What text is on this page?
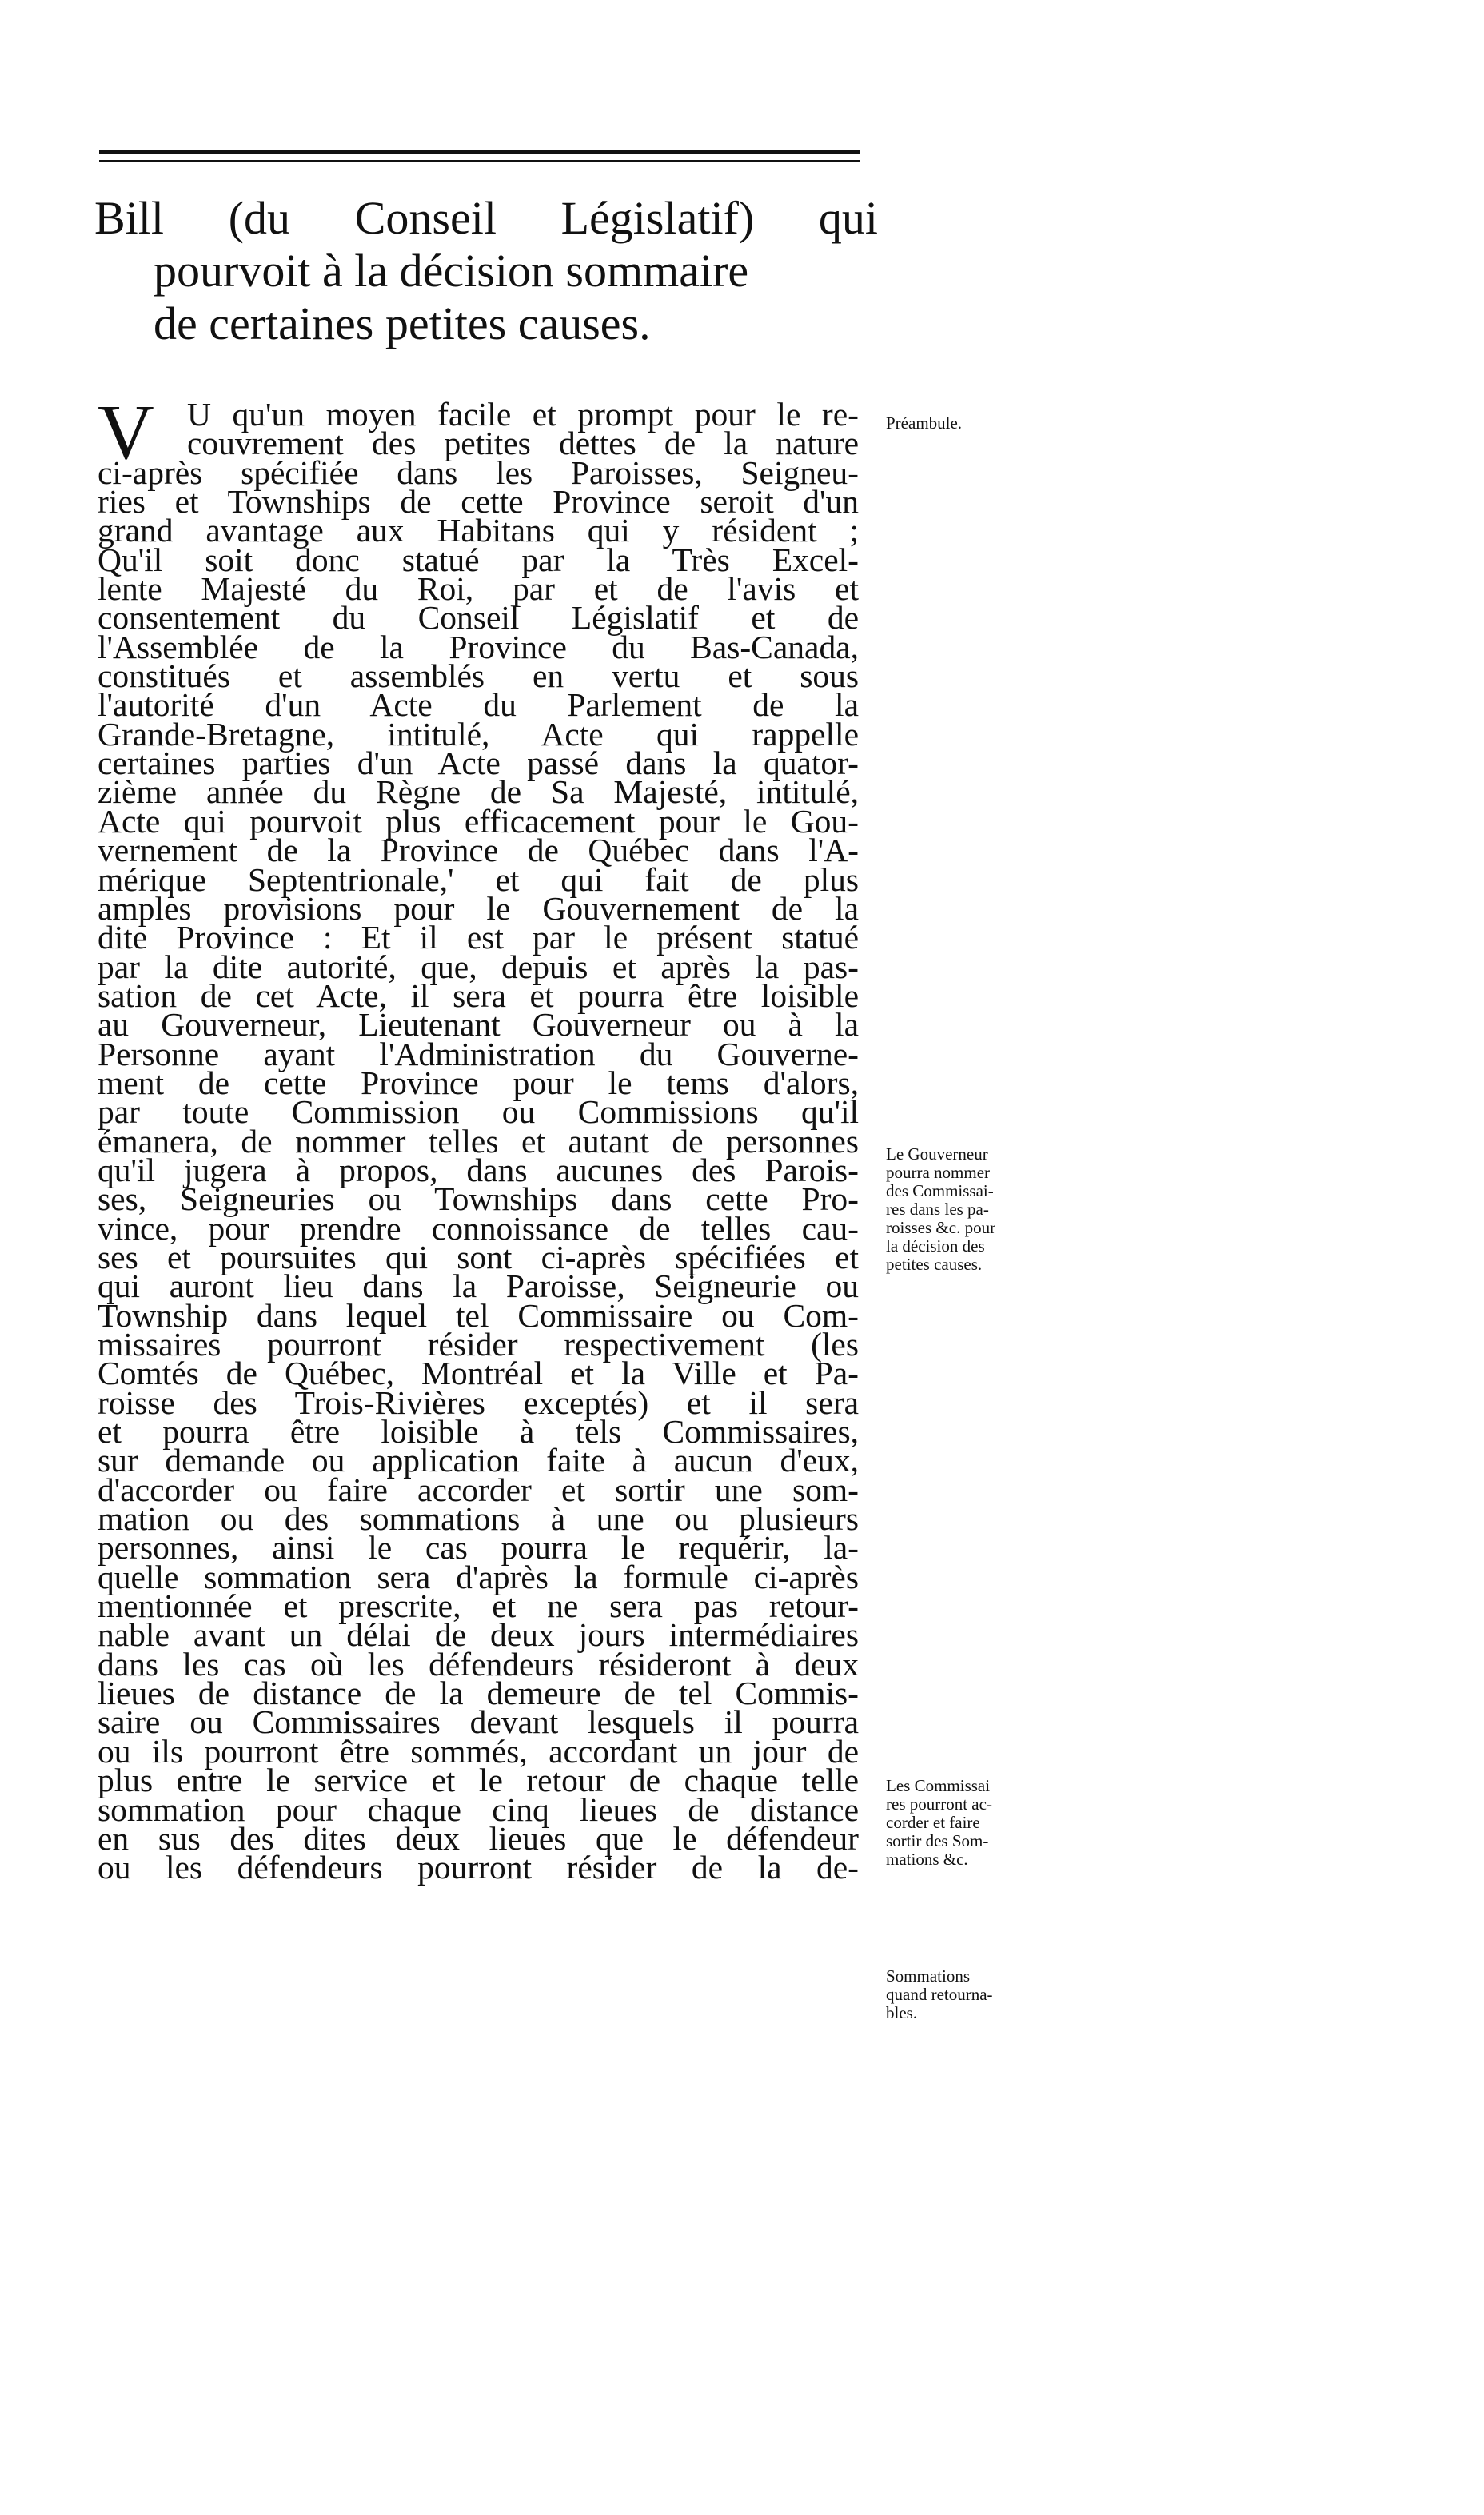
Bill (du Conseil Législatif) qui
pourvoit à la décision sommaire
de certaines petites causes.
V U qu'un moyen facile et prompt pour le re-
couvrement des petites dettes de la nature
ci-après spécifiée dans les Paroisses, Seigneu-
ries et Townships de cette Province seroit d'un
grand avantage aux Habitans qui y résident ;
Qu'il soit donc statué par la Très Excel-
lente Majesté du Roi, par et de l'avis et
consentement du Conseil Législatif et de
l'Assemblée de la Province du Bas-Canada,
constitués et assemblés en vertu et sous
l'autorité d'un Acte du Parlement de la
Grande-Bretagne, intitulé, Acte qui rappelle
certaines parties d'un Acte passé dans la quator-
zième année du Règne de Sa Majesté, intitulé,
Acte qui pourvoit plus efficacement pour le Gou-
vernement de la Province de Québec dans l'A-
mérique Septentrionale,' et qui fait de plus
amples provisions pour le Gouvernement de la
dite Province : Et il est par le présent statué
par la dite autorité, que, depuis et après la pas-
sation de cet Acte, il sera et pourra être loisible
au Gouverneur, Lieutenant Gouverneur ou à la
Personne ayant l'Administration du Gouverne-
ment de cette Province pour le tems d'alors,
par toute Commission ou Commissions qu'il
émanera, de nommer telles et autant de personnes
qu'il jugera à propos, dans aucunes des Parois-
ses, Seigneuries ou Townships dans cette Pro-
vince, pour prendre connoissance de telles cau-
ses et poursuites qui sont ci-après spécifiées et
qui auront lieu dans la Paroisse, Seigneurie ou
Township dans lequel tel Commissaire ou Com-
missaires pourront résider respectivement (les
Comtés de Québec, Montréal et la Ville et Pa-
roisse des Trois-Rivières exceptés) et il sera
et pourra être loisible à tels Commissaires,
sur demande ou application faite à aucun d'eux,
d'accorder ou faire accorder et sortir une som-
mation ou des sommations à une ou plusieurs
personnes, ainsi le cas pourra le requérir, la-
quelle sommation sera d'après la formule ci-après
mentionnée et prescrite, et ne sera pas retour-
nable avant un délai de deux jours intermédiaires
dans les cas où les défendeurs résideront à deux
lieues de distance de la demeure de tel Commis-
saire ou Commissaires devant lesquels il pourra
ou ils pourront être sommés, accordant un jour de
plus entre le service et le retour de chaque telle
sommation pour chaque cinq lieues de distance
en sus des dites deux lieues que le défendeur
ou les défendeurs pourront résider de la de-
Préambule.
Le Gouverneur
pourra nommer
des Commissai-
res dans les pa-
roisses &c. pour
la décision des
petites causes.
Les Commissai
res pourront ac-
corder et faire
sortir des Som-
mations &c.
Sommations
quand retourna-
bles.
